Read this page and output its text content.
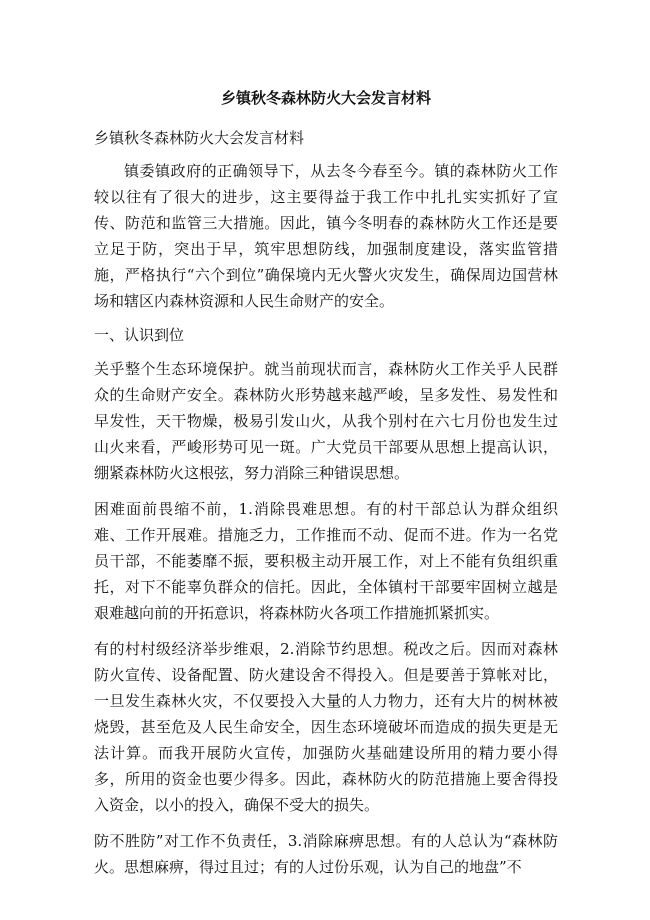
乡镇秋冬森林防火大会发言材料
乡镇秋冬森林防火大会发言材料

镇委镇政府的正确领导下，从去冬今春至今。镇的森林防火工作较以往有了很大的进步，这主要得益于我工作中扎扎实实抓好了宣传、防范和监管三大措施。因此，镇今冬明春的森林防火工作还是要立足于防，突出于早，筑牢思想防线，加强制度建设，落实监管措施，严格执行“六个到位”确保境内无火警火灾发生，确保周边国营林场和辖区内森林资源和人民生命财产的安全。

一、认识到位

关乎整个生态环境保护。就当前现状而言，森林防火工作关乎人民群众的生命财产安全。森林防火形势越来越严峻，呈多发性、易发性和早发性，天干物燥，极易引发山火，从我个别村在六七月份也发生过山火来看，严峻形势可见一斑。广大党员干部要从思想上提高认识，绷紧森林防火这根弦，努力消除三种错误思想。

困难面前畏缩不前，1.消除畏难思想。有的村干部总认为群众组织难、工作开展难。措施乏力，工作推而不动、促而不进。作为一名党员干部，不能萎靡不振，要积极主动开展工作，对上不能有负组织重托，对下不能辜负群众的信托。因此，全体镇村干部要牢固树立越是艰难越向前的开拓意识，将森林防火各项工作措施抓紧抓实。

有的村村级经济举步维艰，2.消除节约思想。税改之后。因而对森林防火宣传、设备配置、防火建设舍不得投入。但是要善于算帐对比，一旦发生森林火灾，不仅要投入大量的人力物力，还有大片的树林被烧毁，甚至危及人民生命安全，因生态环境破坏而造成的损失更是无法计算。而我开展防火宣传，加强防火基础建设所用的精力要小得多，所用的资金也要少得多。因此，森林防火的防范措施上要舍得投入资金，以小的投入，确保不受大的损失。

防不胜防”对工作不负责任，3.消除麻痹思想。有的人总认为“森林防火。思想麻痹，得过且过；有的人过份乐观，认为自己的地盘”不
